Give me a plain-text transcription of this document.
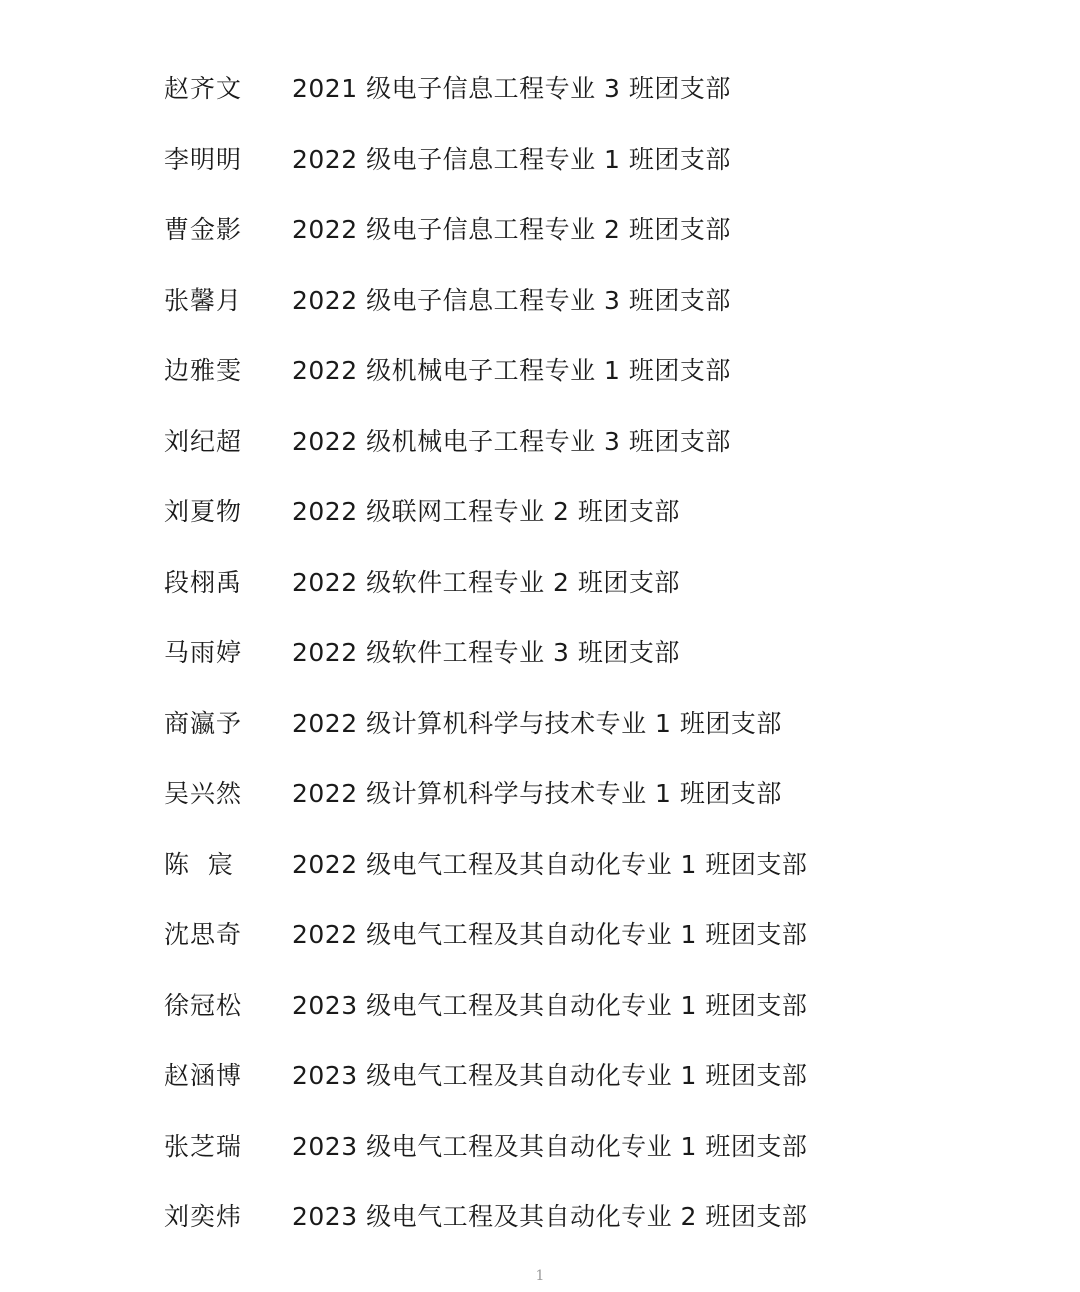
赵齐文	2021 级电子信息工程专业 3 班团支部
李明明	2022 级电子信息工程专业 1 班团支部
曹金影	2022 级电子信息工程专业 2 班团支部
张馨月	2022 级电子信息工程专业 3 班团支部
边雅雯	2022 级机械电子工程专业 1 班团支部
刘纪超	2022 级机械电子工程专业 3 班团支部
刘夏物	2022 级联网工程专业 2 班团支部
段栩禹	2022 级软件工程专业 2 班团支部
马雨婷	2022 级软件工程专业 3 班团支部
商瀛予	2022 级计算机科学与技术专业 1 班团支部
吴兴然	2022 级计算机科学与技术专业 1 班团支部
陈  宸	2022 级电气工程及其自动化专业 1 班团支部
沈思奇	2022 级电气工程及其自动化专业 1 班团支部
徐冠松	2023 级电气工程及其自动化专业 1 班团支部
赵涵博	2023 级电气工程及其自动化专业 1 班团支部
张芝瑞	2023 级电气工程及其自动化专业 1 班团支部
刘奕炜	2023 级电气工程及其自动化专业 2 班团支部
1
